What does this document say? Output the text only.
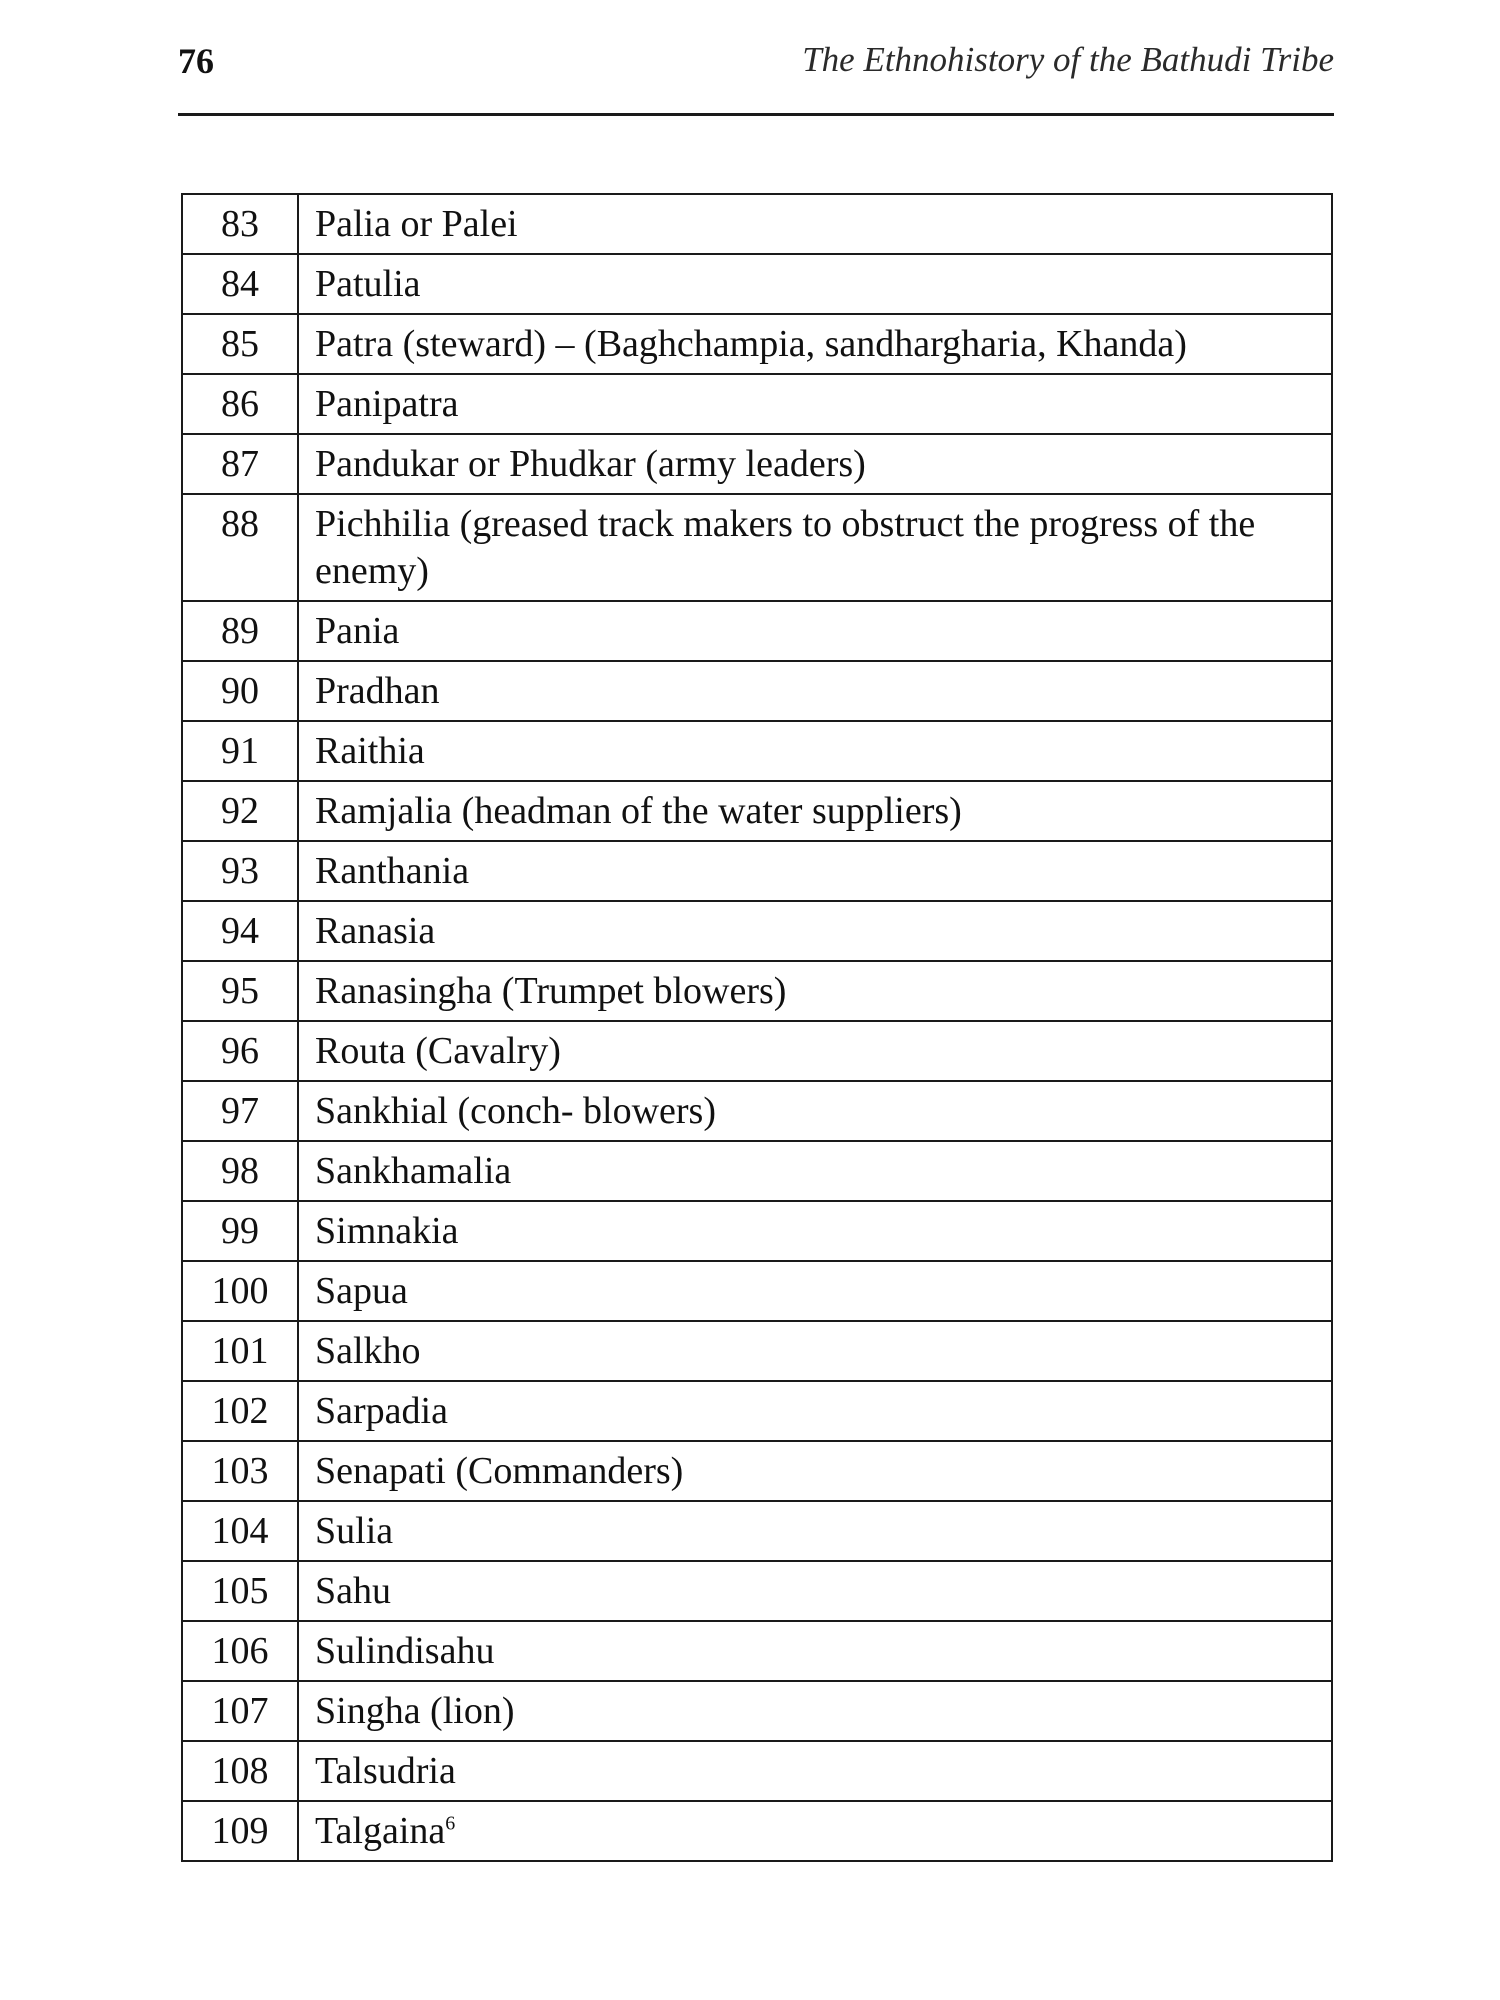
76	The Ethnohistory of the Bathudi Tribe
83	Palia or Palei
84	Patulia
85	Patra (steward) – (Baghchampia, sandhargharia, Khanda)
86	Panipatra
87	Pandukar or Phudkar (army leaders)
88	Pichhilia (greased track makers to obstruct the progress of the enemy)
89	Pania
90	Pradhan
91	Raithia
92	Ramjalia (headman of the water suppliers)
93	Ranthania
94	Ranasia
95	Ranasingha (Trumpet blowers)
96	Routa (Cavalry)
97	Sankhial (conch- blowers)
98	Sankhamalia
99	Simnakia
100	Sapua
101	Salkho
102	Sarpadia
103	Senapati (Commanders)
104	Sulia
105	Sahu
106	Sulindisahu
107	Singha (lion)
108	Talsudria
109	Talgaina$^6$
